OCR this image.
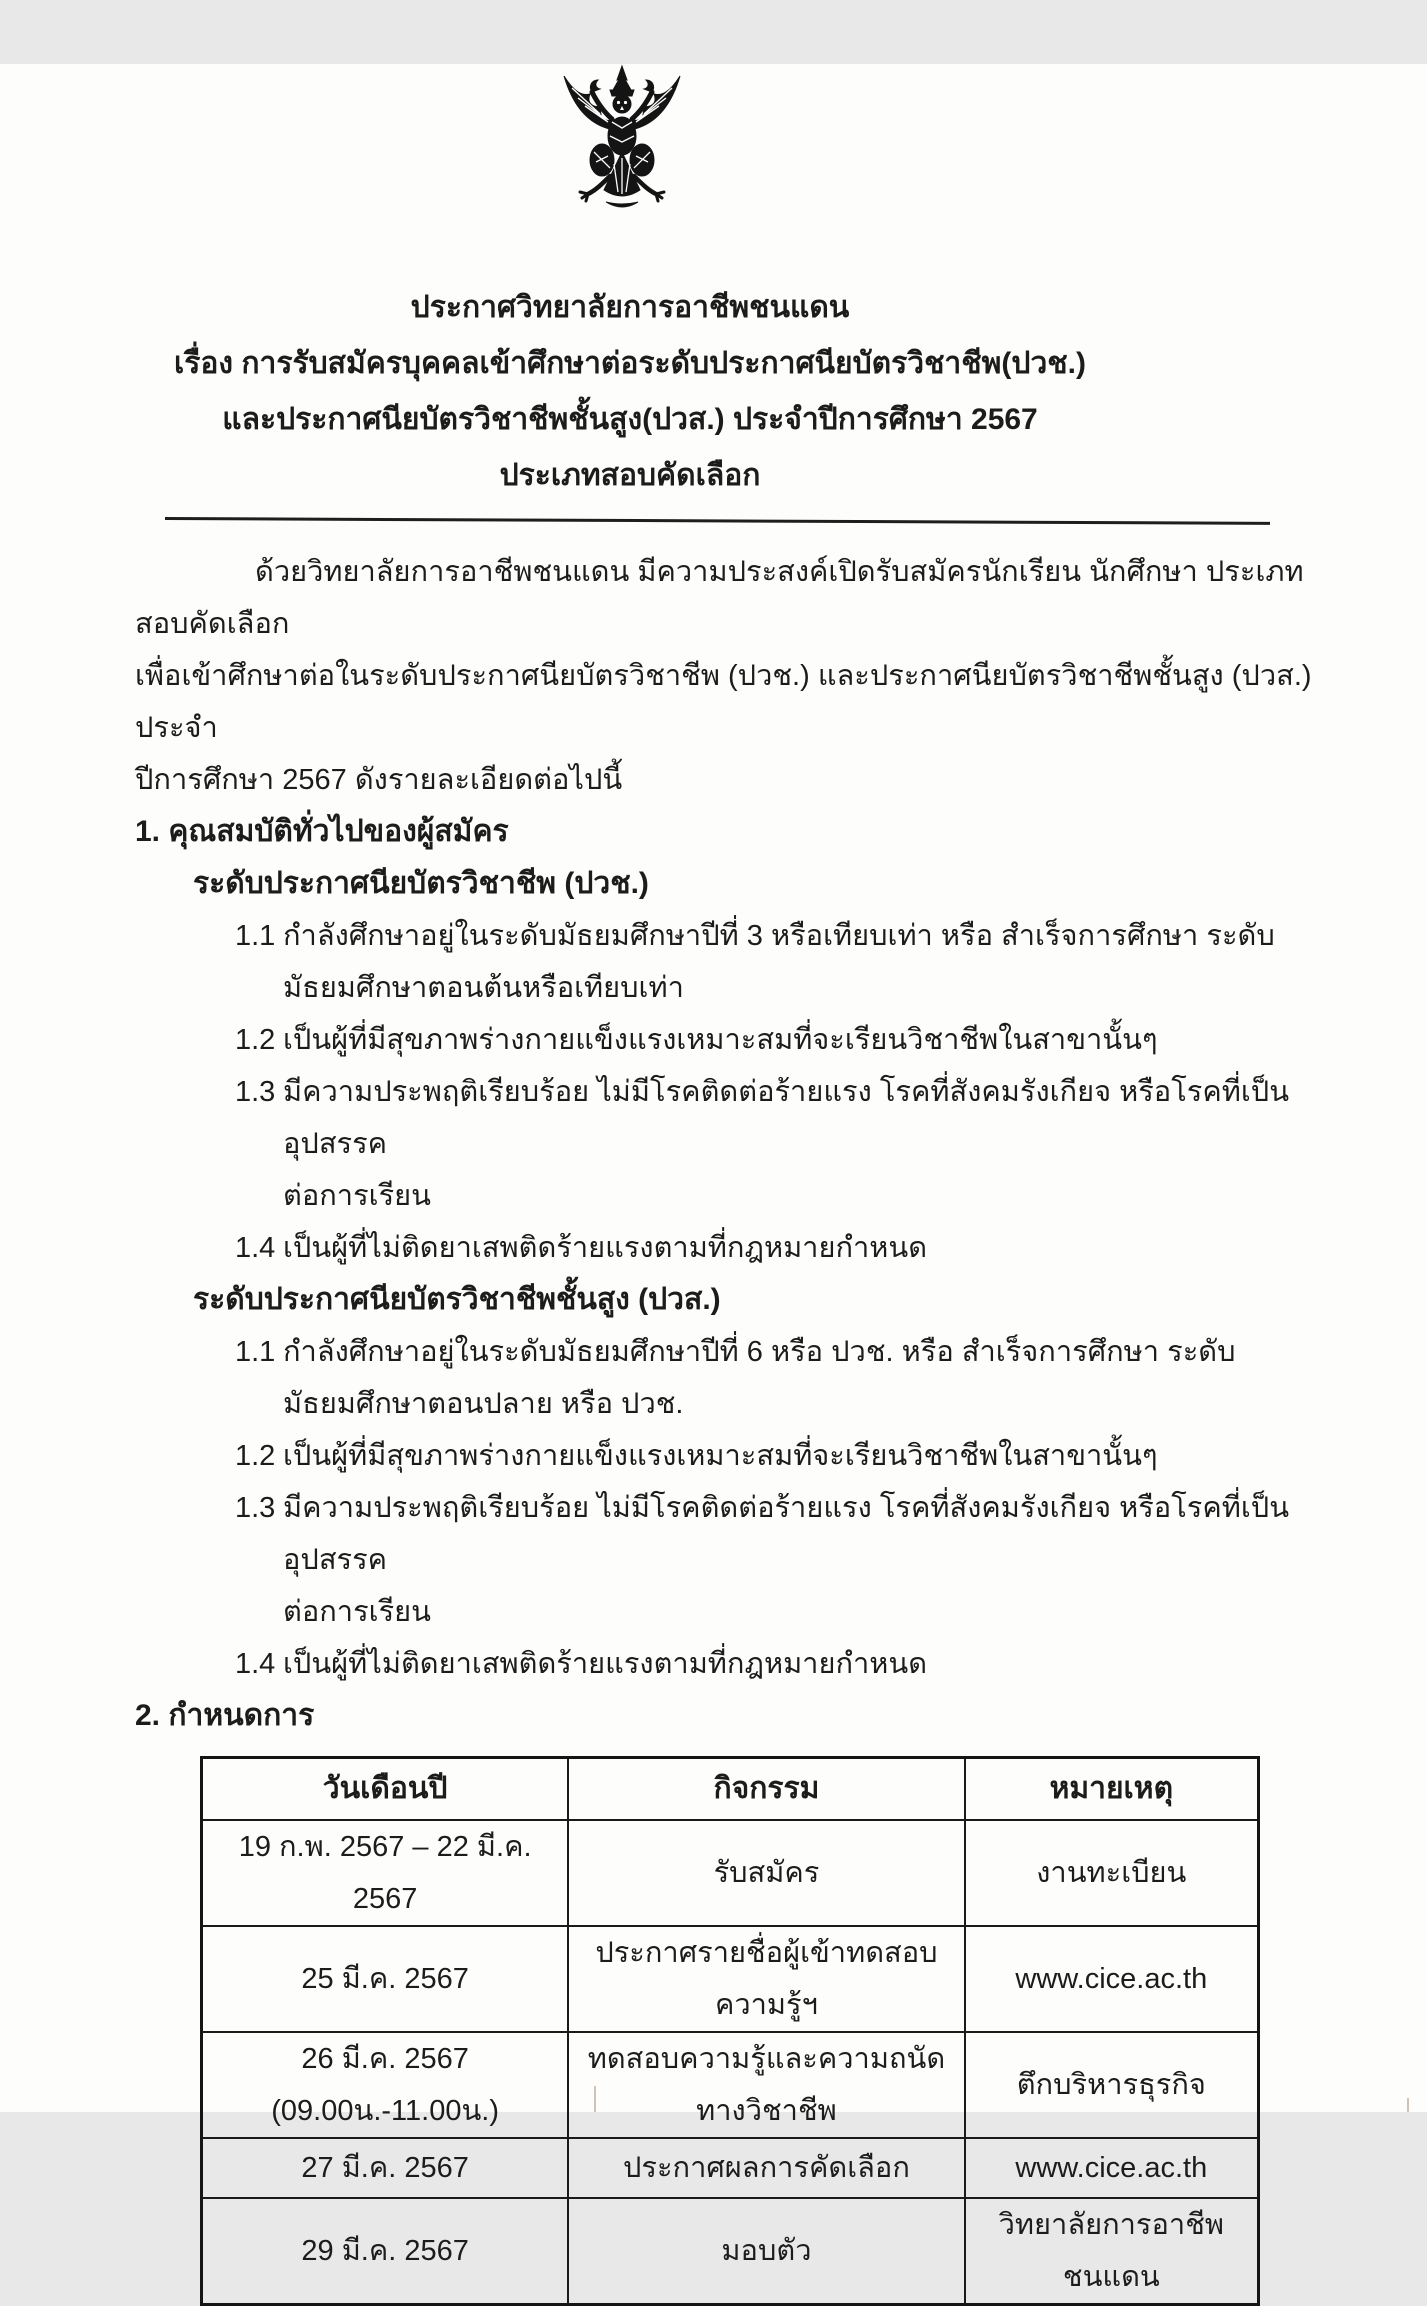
ประกาศวิทยาลัยการอาชีพชนแดน
เรื่อง การรับสมัครบุคคลเข้าศึกษาต่อระดับประกาศนียบัตรวิชาชีพ(ปวช.)
และประกาศนียบัตรวิชาชีพชั้นสูง(ปวส.) ประจำปีการศึกษา 2567
ประเภทสอบคัดเลือก
ด้วยวิทยาลัยการอาชีพชนแดน มีความประสงค์เปิดรับสมัครนักเรียน นักศึกษา ประเภทสอบคัดเลือก
เพื่อเข้าศึกษาต่อในระดับประกาศนียบัตรวิชาชีพ (ปวช.) และประกาศนียบัตรวิชาชีพชั้นสูง (ปวส.) ประจำ
ปีการศึกษา 2567 ดังรายละเอียดต่อไปนี้
1. คุณสมบัติทั่วไปของผู้สมัคร
ระดับประกาศนียบัตรวิชาชีพ (ปวช.)
1.1 กำลังศึกษาอยู่ในระดับมัธยมศึกษาปีที่ 3 หรือเทียบเท่า หรือ สำเร็จการศึกษา ระดับ
มัธยมศึกษาตอนต้นหรือเทียบเท่า
1.2 เป็นผู้ที่มีสุขภาพร่างกายแข็งแรงเหมาะสมที่จะเรียนวิชาชีพในสาขานั้นๆ
1.3 มีความประพฤติเรียบร้อย ไม่มีโรคติดต่อร้ายแรง โรคที่สังคมรังเกียจ หรือโรคที่เป็นอุปสรรค
ต่อการเรียน
1.4 เป็นผู้ที่ไม่ติดยาเสพติดร้ายแรงตามที่กฎหมายกำหนด
ระดับประกาศนียบัตรวิชาชีพชั้นสูง (ปวส.)
1.1 กำลังศึกษาอยู่ในระดับมัธยมศึกษาปีที่ 6 หรือ ปวช. หรือ สำเร็จการศึกษา ระดับ
มัธยมศึกษาตอนปลาย หรือ ปวช.
1.2 เป็นผู้ที่มีสุขภาพร่างกายแข็งแรงเหมาะสมที่จะเรียนวิชาชีพในสาขานั้นๆ
1.3 มีความประพฤติเรียบร้อย ไม่มีโรคติดต่อร้ายแรง โรคที่สังคมรังเกียจ หรือโรคที่เป็นอุปสรรค
ต่อการเรียน
1.4 เป็นผู้ที่ไม่ติดยาเสพติดร้ายแรงตามที่กฎหมายกำหนด
2. กำหนดการ
วันเดือนปี	กิจกรรม	หมายเหตุ
19 ก.พ. 2567 – 22 มี.ค. 2567	รับสมัคร	งานทะเบียน
25 มี.ค. 2567	ประกาศรายชื่อผู้เข้าทดสอบความรู้ฯ	www.cice.ac.th
26 มี.ค. 2567 (09.00น.-11.00น.)	ทดสอบความรู้และความถนัดทางวิชาชีพ	ตึกบริหารธุรกิจ
27 มี.ค. 2567	ประกาศผลการคัดเลือก	www.cice.ac.th
29 มี.ค. 2567	มอบตัว	วิทยาลัยการอาชีพชนแดน
